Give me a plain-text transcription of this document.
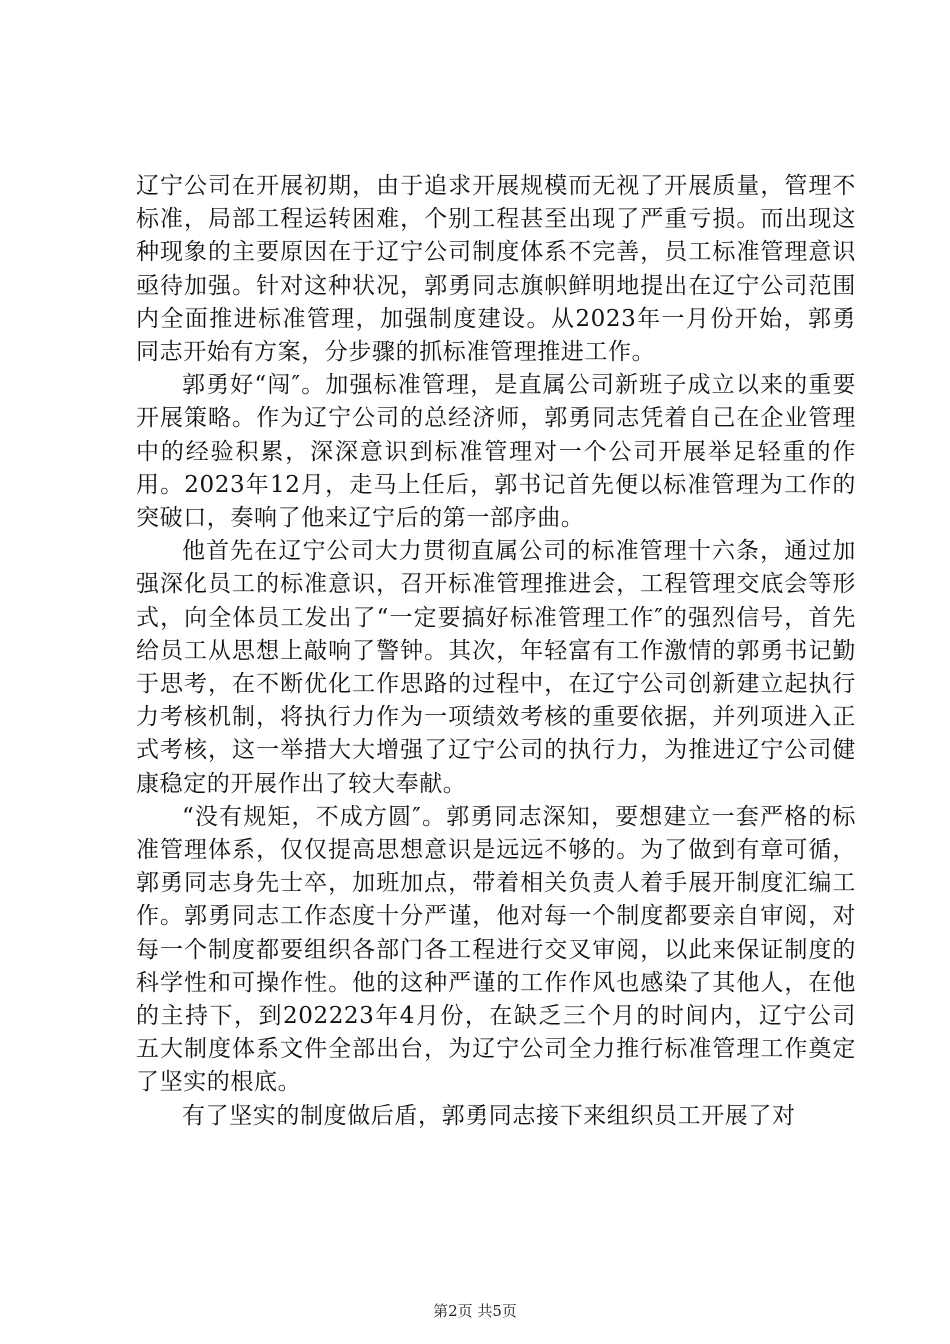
辽宁公司在开展初期，由于追求开展规模而无视了开展质量，管理不标准，局部工程运转困难，个别工程甚至出现了严重亏损。而出现这种现象的主要原因在于辽宁公司制度体系不完善，员工标准管理意识亟待加强。针对这种状况，郭勇同志旗帜鲜明地提出在辽宁公司范围内全面推进标准管理，加强制度建设。从2023年一月份开始，郭勇同志开始有方案，分步骤的抓标准管理推进工作。

郭勇好“闯″。加强标准管理，是直属公司新班子成立以来的重要开展策略。作为辽宁公司的总经济师，郭勇同志凭着自己在企业管理中的经验积累，深深意识到标准管理对一个公司开展举足轻重的作用。2023年12月，走马上任后，郭书记首先便以标准管理为工作的突破口，奏响了他来辽宁后的第一部序曲。

他首先在辽宁公司大力贯彻直属公司的标准管理十六条，通过加强深化员工的标准意识，召开标准管理推进会，工程管理交底会等形式，向全体员工发出了“一定要搞好标准管理工作″的强烈信号，首先给员工从思想上敲响了警钟。其次，年轻富有工作激情的郭勇书记勤于思考，在不断优化工作思路的过程中，在辽宁公司创新建立起执行力考核机制，将执行力作为一项绩效考核的重要依据，并列项进入正式考核，这一举措大大增强了辽宁公司的执行力，为推进辽宁公司健康稳定的开展作出了较大奉献。

“没有规矩，不成方圆″。郭勇同志深知，要想建立一套严格的标准管理体系，仅仅提高思想意识是远远不够的。为了做到有章可循，郭勇同志身先士卒，加班加点，带着相关负责人着手展开制度汇编工作。郭勇同志工作态度十分严谨，他对每一个制度都要亲自审阅，对每一个制度都要组织各部门各工程进行交叉审阅，以此来保证制度的科学性和可操作性。他的这种严谨的工作作风也感染了其他人，在他的主持下，到202223年4月份，在缺乏三个月的时间内，辽宁公司五大制度体系文件全部出台，为辽宁公司全力推行标准管理工作奠定了坚实的根底。

有了坚实的制度做后盾，郭勇同志接下来组织员工开展了对

第2页 共5页
